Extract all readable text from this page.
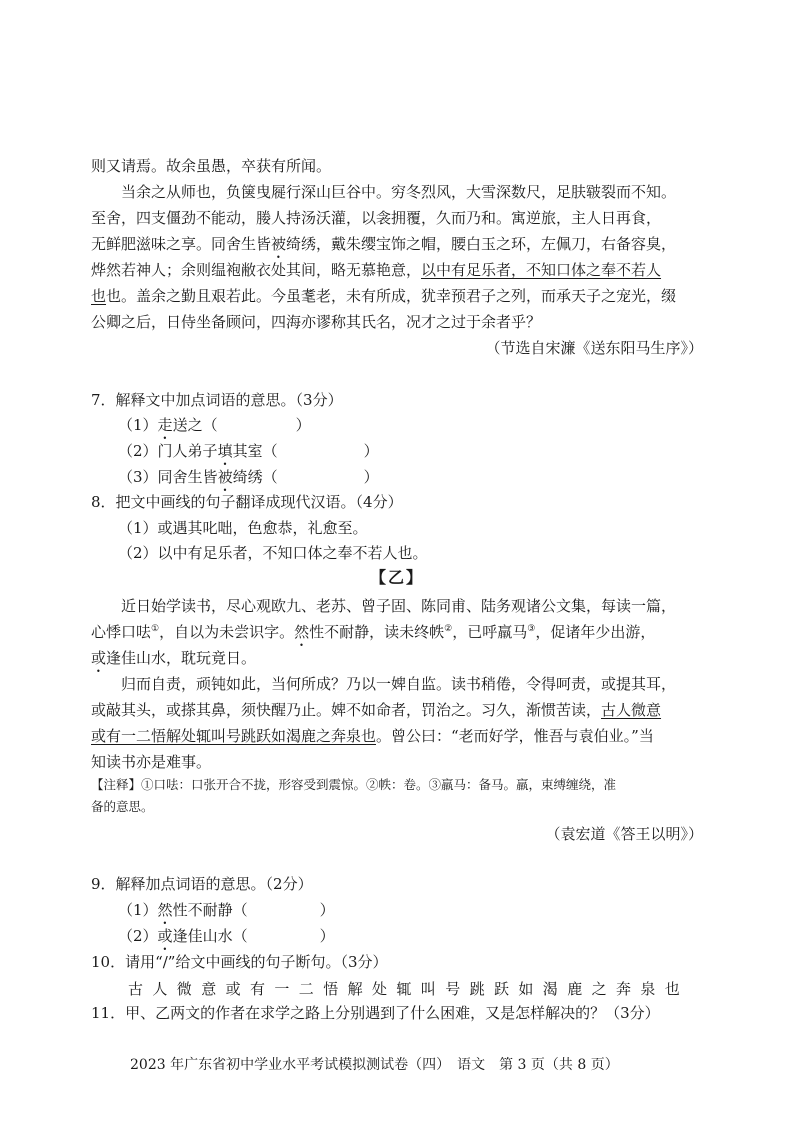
则又请焉。故余虽愚，卒获有所闻。
当余之从师也，负箧曳屣行深山巨谷中。穷冬烈风，大雪深数尺，足肤皲裂而不知。
至舍，四支僵劲不能动，媵人持汤沃灌，以衾拥覆，久而乃和。寓逆旅，主人日再食，
无鲜肥滋味之享。同舍生皆被绮绣，戴朱缨宝饰之帽，腰白玉之环，左佩刀，右备容臭，
烨然若神人；余则缊袍敝衣处其间，略无慕艳意，以中有足乐者，不知口体之奉不若人
也也。盖余之勤且艰若此。今虽耄老，未有所成，犹幸预君子之列，而承天子之宠光，缀
公卿之后，日侍坐备顾问，四海亦谬称其氏名，况才之过于余者乎？
（节选自宋濂《送东阳马生序》）
7．解释文中加点词语的意思。（3分）
（1）走送之（	）
（2）门人弟子填其室（	）
（3）同舍生皆被绮绣（	）
8．把文中画线的句子翻译成现代汉语。（4分）
（1）或遇其叱咄，色愈恭，礼愈至。
（2）以中有足乐者，不知口体之奉不若人也。
【乙】
近日始学读书，尽心观欧九、老苏、曾子固、陈同甫、陆务观诸公文集，每读一篇，
心悸口呿①，自以为未尝识字。然性不耐静，读未终帙②，已呼羸马③，促诸年少出游，
或逢佳山水，耽玩竟日。
归而自责，顽钝如此，当何所成？乃以一婢自监。读书稍倦，令得呵责，或提其耳，
或敲其头，或搽其鼻，须快醒乃止。婢不如命者，罚治之。习久，渐惯苦读，古人微意
或有一二悟解处辄叫号跳跃如渴鹿之奔泉也。曾公曰：“老而好学，惟吾与袁伯业。”当
知读书亦是难事。
【注释】①口呿：口张开合不拢，形容受到震惊。②帙：卷。③羸马：备马。羸，束缚缠绕，准
备的意思。
（袁宏道《答王以明》）
9．解释加点词语的意思。（2分）
（1）然性不耐静（	）
（2）或逢佳山水（	）
10．请用“/”给文中画线的句子断句。（3分）
古人微意或有一二悟解处辄叫号跳跃如渴鹿之奔泉也
11．甲、乙两文的作者在求学之路上分别遇到了什么困难，又是怎样解决的？（3分）
2023 年广东省初中学业水平考试模拟测试卷（四）　语文　第 3 页（共 8 页）
